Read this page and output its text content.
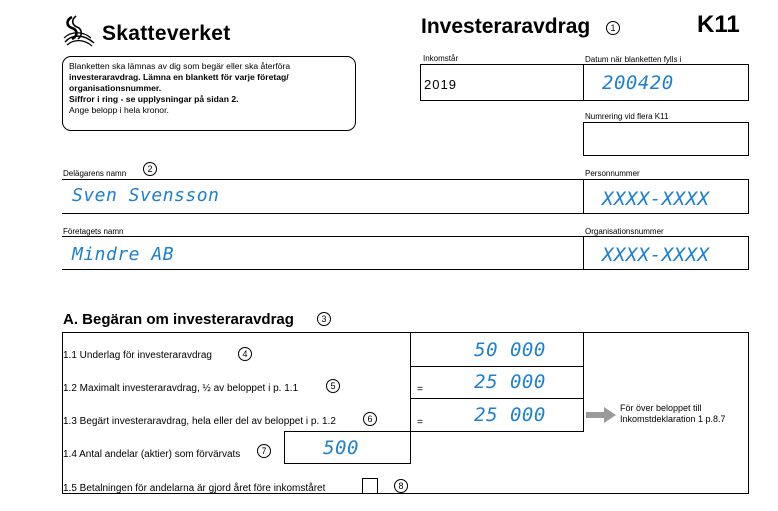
Skatteverket	Investeraravdrag	1	K11
Blanketten ska lämnas av dig som begär eller ska återföra
investeraravdrag. Lämna en blankett för varje företag/
organisationsnummer.
Siffror i ring - se upplysningar på sidan 2.
Ange belopp i hela kronor.
Inkomstår	Datum när blanketten fylls i
2019	200420
Numrering vid flera K11
Delägarens namn	2	Personnummer
Sven Svensson	XXXX-XXXX
Företagets namn	Organisationsnummer
Mindre AB	XXXX-XXXX
A. Begäran om investeraravdrag	3
1.1 Underlag för investeraravdrag	4	50 000
1.2 Maximalt investeraravdrag, ½ av beloppet i p. 1.1	5	=	25 000
1.3 Begärt investeraravdrag, hela eller del av beloppet i p. 1.2	6	=	25 000	För över beloppet till
Inkomstdeklaration 1 p.8.7
1.4 Antal andelar (aktier) som förvärvats	7	500
1.5 Betalningen för andelarna är gjord året före inkomståret	8
